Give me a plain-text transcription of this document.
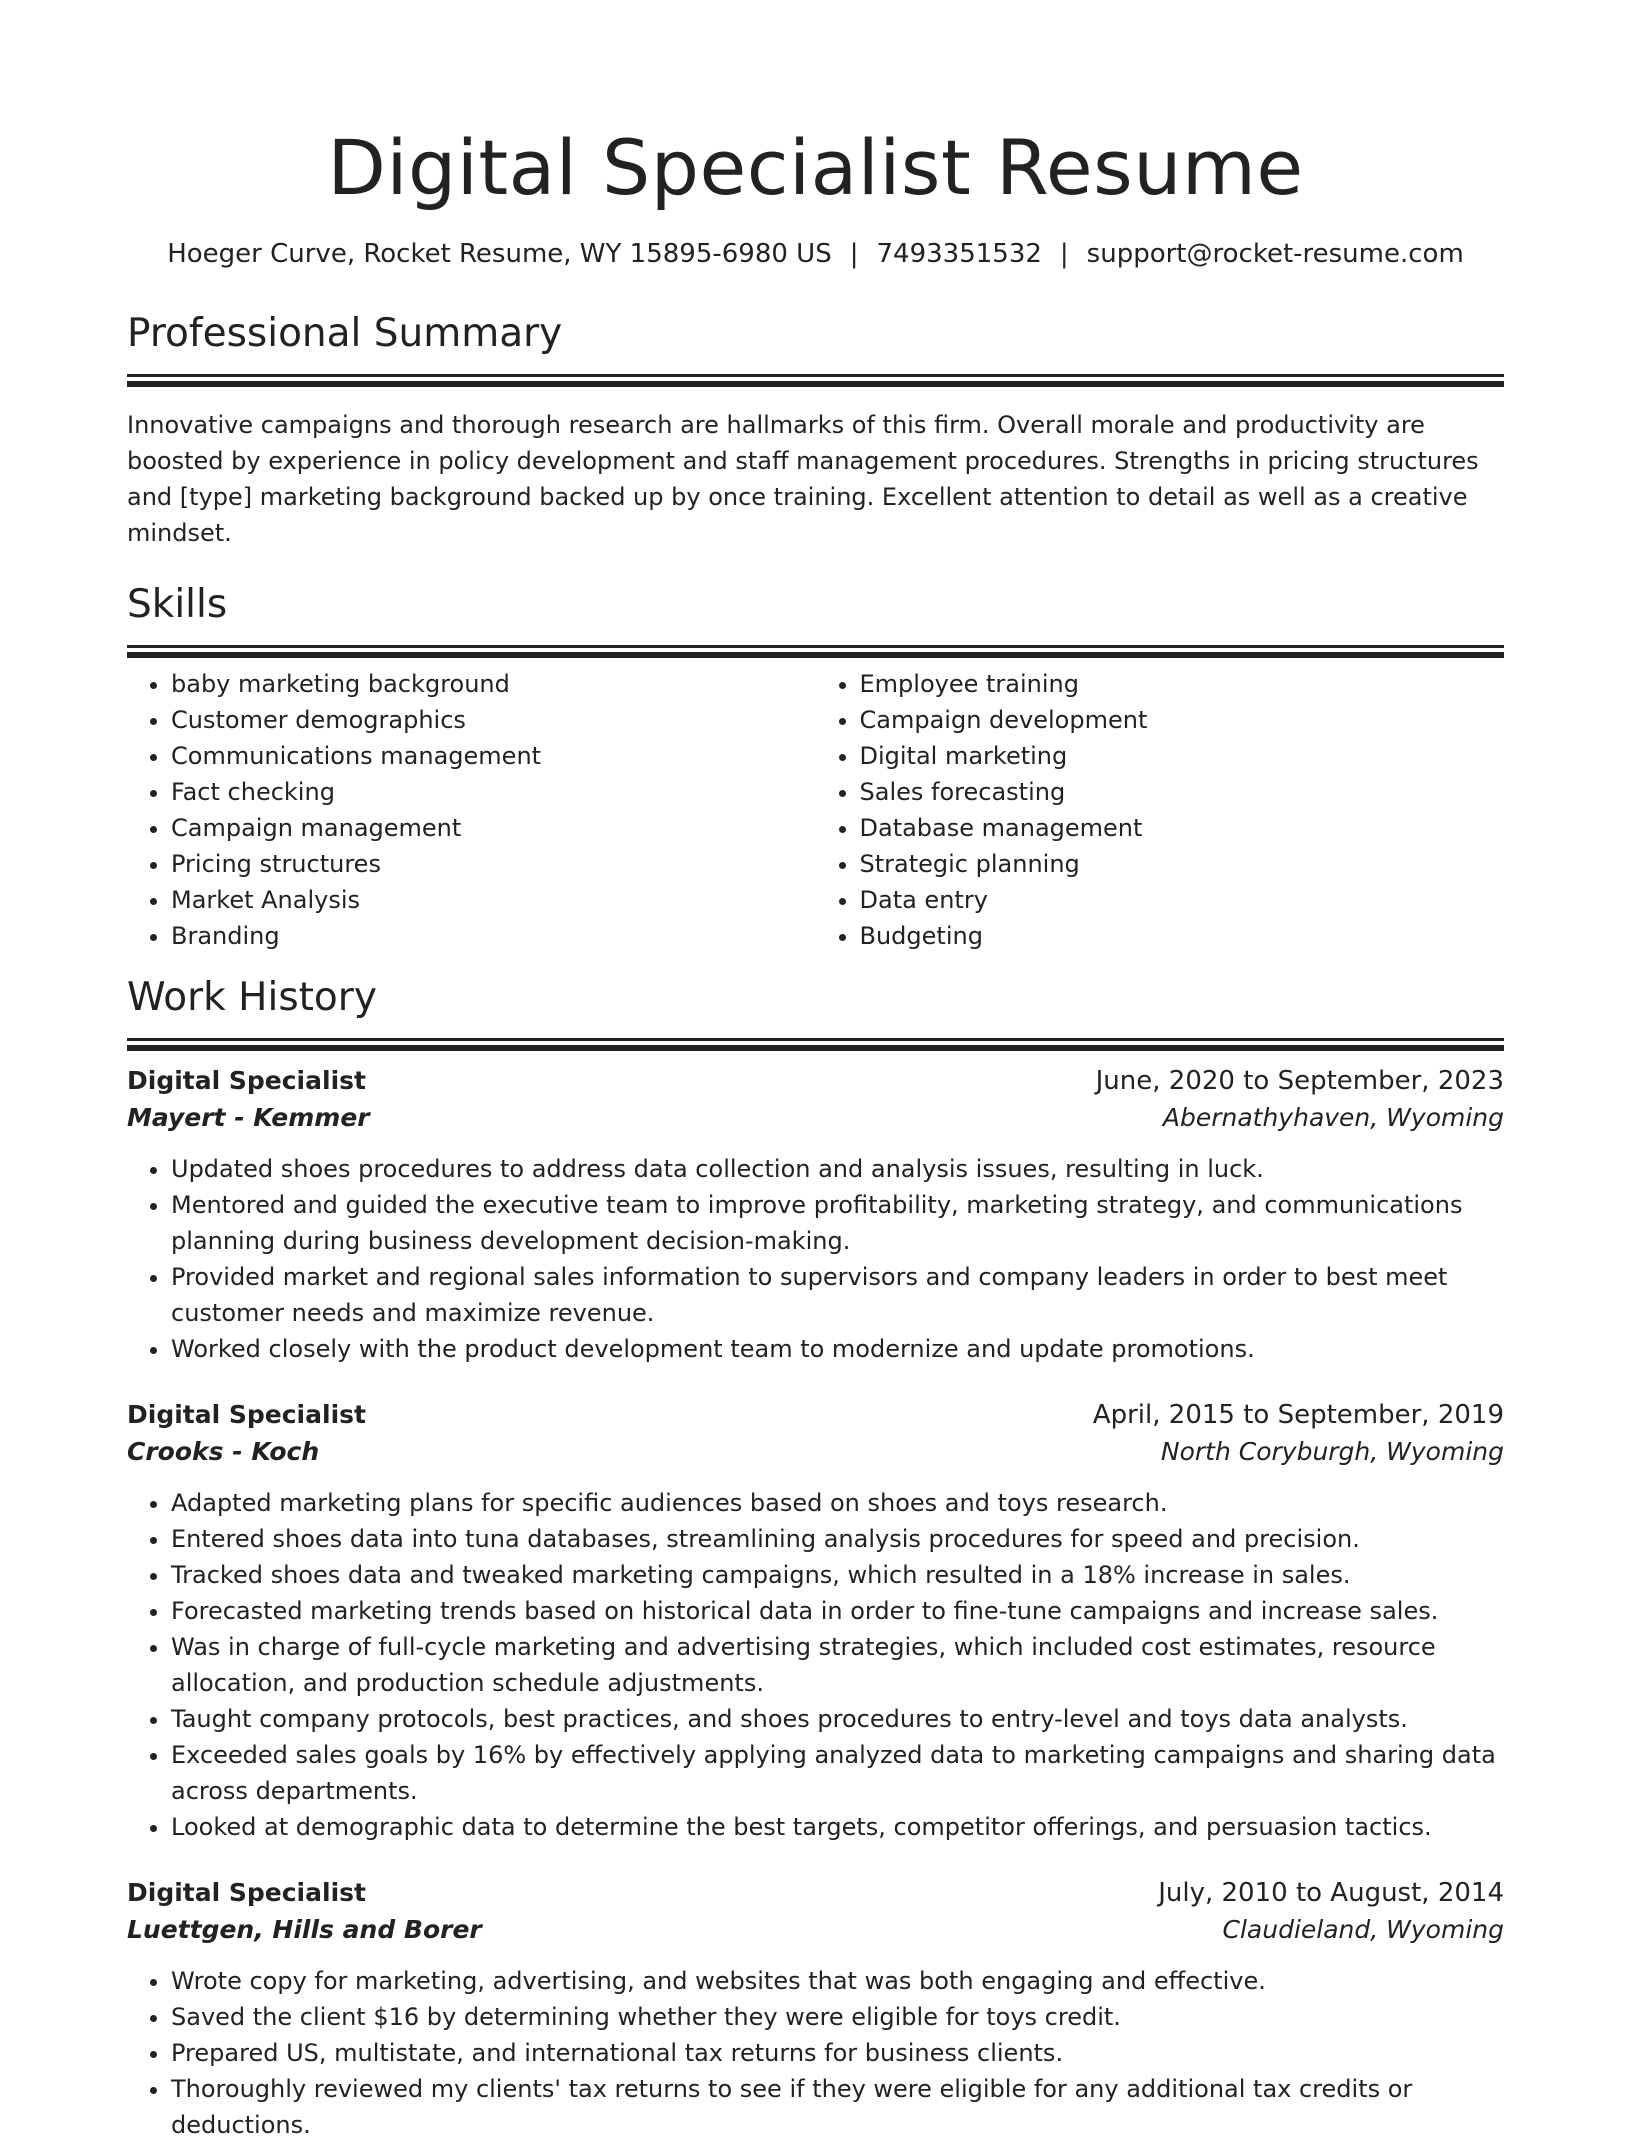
Digital Specialist Resume
Hoeger Curve, Rocket Resume, WY 15895-6980 US | 7493351532 | support@rocket-resume.com
Professional Summary

Innovative campaigns and thorough research are hallmarks of this firm. Overall morale and productivity are boosted by experience in policy development and staff management procedures. Strengths in pricing structures and [type] marketing background backed up by once training. Excellent attention to detail as well as a creative mindset.

Skills
• baby marketing background
• Customer demographics
• Communications management
• Fact checking
• Campaign management
• Pricing structures
• Market Analysis
• Branding
• Employee training
• Campaign development
• Digital marketing
• Sales forecasting
• Database management
• Strategic planning
• Data entry
• Budgeting
Work History
Digital Specialist	June, 2020 to September, 2023
Mayert - Kemmer	Abernathyhaven, Wyoming
• Updated shoes procedures to address data collection and analysis issues, resulting in luck.
• Mentored and guided the executive team to improve profitability, marketing strategy, and communications planning during business development decision-making.
• Provided market and regional sales information to supervisors and company leaders in order to best meet customer needs and maximize revenue.
• Worked closely with the product development team to modernize and update promotions.
Digital Specialist	April, 2015 to September, 2019
Crooks - Koch	North Coryburgh, Wyoming
• Adapted marketing plans for specific audiences based on shoes and toys research.
• Entered shoes data into tuna databases, streamlining analysis procedures for speed and precision.
• Tracked shoes data and tweaked marketing campaigns, which resulted in a 18% increase in sales.
• Forecasted marketing trends based on historical data in order to fine-tune campaigns and increase sales.
• Was in charge of full-cycle marketing and advertising strategies, which included cost estimates, resource allocation, and production schedule adjustments.
• Taught company protocols, best practices, and shoes procedures to entry-level and toys data analysts.
• Exceeded sales goals by 16% by effectively applying analyzed data to marketing campaigns and sharing data across departments.
• Looked at demographic data to determine the best targets, competitor offerings, and persuasion tactics.
Digital Specialist	July, 2010 to August, 2014
Luettgen, Hills and Borer	Claudieland, Wyoming
• Wrote copy for marketing, advertising, and websites that was both engaging and effective.
• Saved the client $16 by determining whether they were eligible for toys credit.
• Prepared US, multistate, and international tax returns for business clients.
• Thoroughly reviewed my clients' tax returns to see if they were eligible for any additional tax credits or deductions.
